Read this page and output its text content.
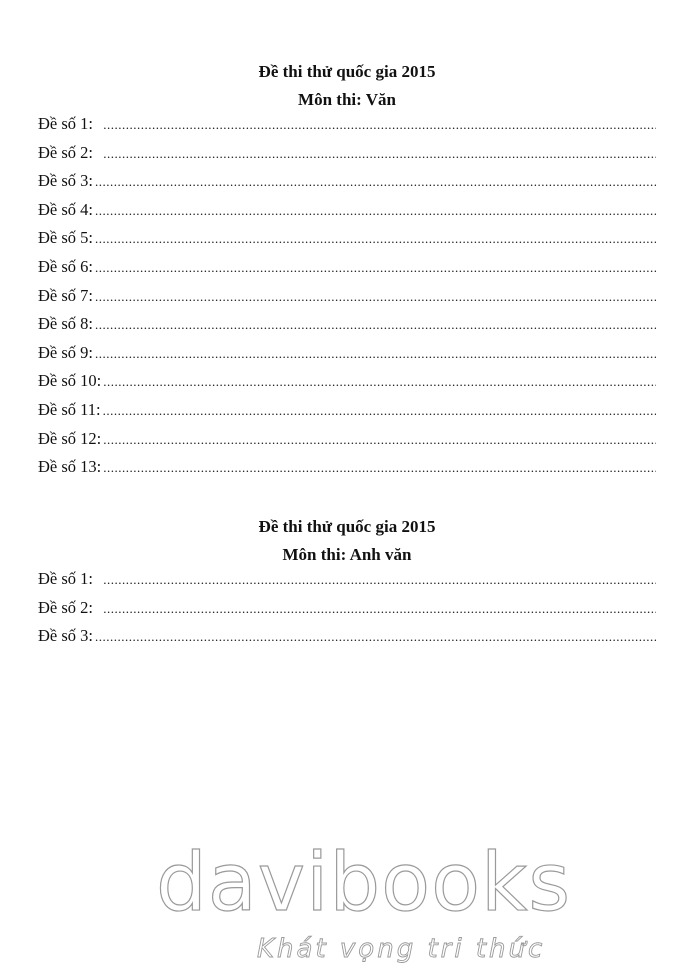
Đề thi thử quốc gia 2015
Môn thi: Văn
Đề số 1:
.....
Đề số 2:
.....
Đề số 3:
.....
Đề số 4:
.....
Đề số 5:
.....
Đề số 6:
.....
Đề số 7:
.....
Đề số 8:
.....
Đề số 9:
.....
Đề số 10:
.....
Đề số 11:
.....
Đề số 12:
.....
Đề số 13:
.....
Đề thi thử quốc gia 2015
Môn thi: Anh văn
Đề số 1:
.....
Đề số 2:
.....
Đề số 3:
.....
davibooks
Khát vọng tri thức
